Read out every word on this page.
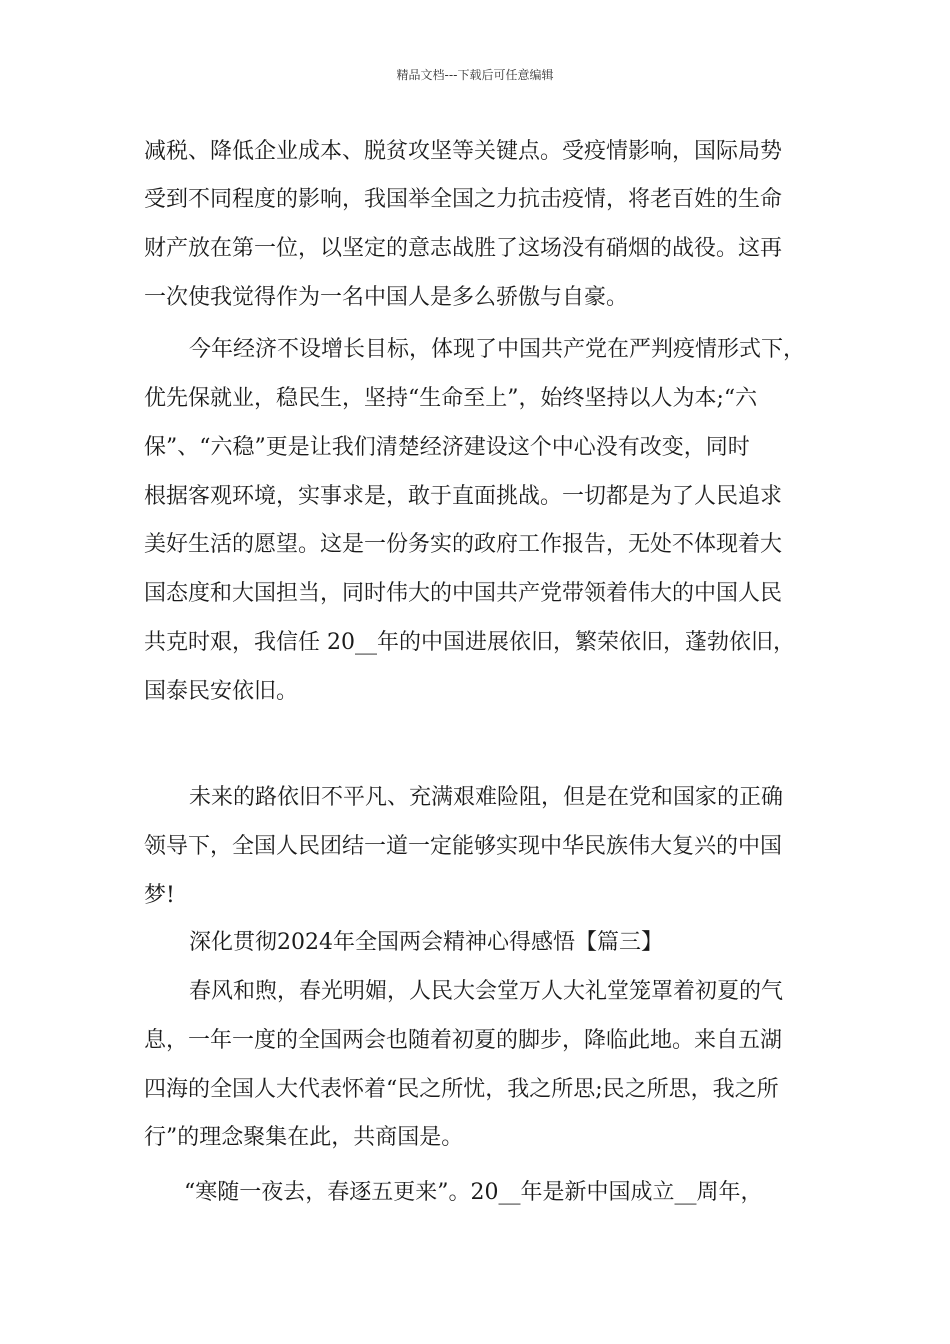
精品文档---下载后可任意编辑
减税、降低企业成本、脱贫攻坚等关键点。受疫情影响，国际局势
受到不同程度的影响，我国举全国之力抗击疫情，将老百姓的生命
财产放在第一位，以坚定的意志战胜了这场没有硝烟的战役。这再
一次使我觉得作为一名中国人是多么骄傲与自豪。
今年经济不设增长目标，体现了中国共产党在严判疫情形式下，
优先保就业，稳民生，坚持“生命至上”，始终坚持以人为本;“六
保”、“六稳”更是让我们清楚经济建设这个中心没有改变，同时
根据客观环境，实事求是，敢于直面挑战。一切都是为了人民追求
美好生活的愿望。这是一份务实的政府工作报告，无处不体现着大
国态度和大国担当，同时伟大的中国共产党带领着伟大的中国人民
共克时艰，我信任 20__年的中国进展依旧，繁荣依旧，蓬勃依旧，
国泰民安依旧。
未来的路依旧不平凡、充满艰难险阻，但是在党和国家的正确
领导下，全国人民团结一道一定能够实现中华民族伟大复兴的中国
梦!
深化贯彻2024年全国两会精神心得感悟【篇三】
春风和煦，春光明媚，人民大会堂万人大礼堂笼罩着初夏的气
息，一年一度的全国两会也随着初夏的脚步，降临此地。来自五湖
四海的全国人大代表怀着“民之所忧，我之所思;民之所思，我之所
行”的理念聚集在此，共商国是。
“寒随一夜去，春逐五更来”。20__年是新中国成立__周年，
